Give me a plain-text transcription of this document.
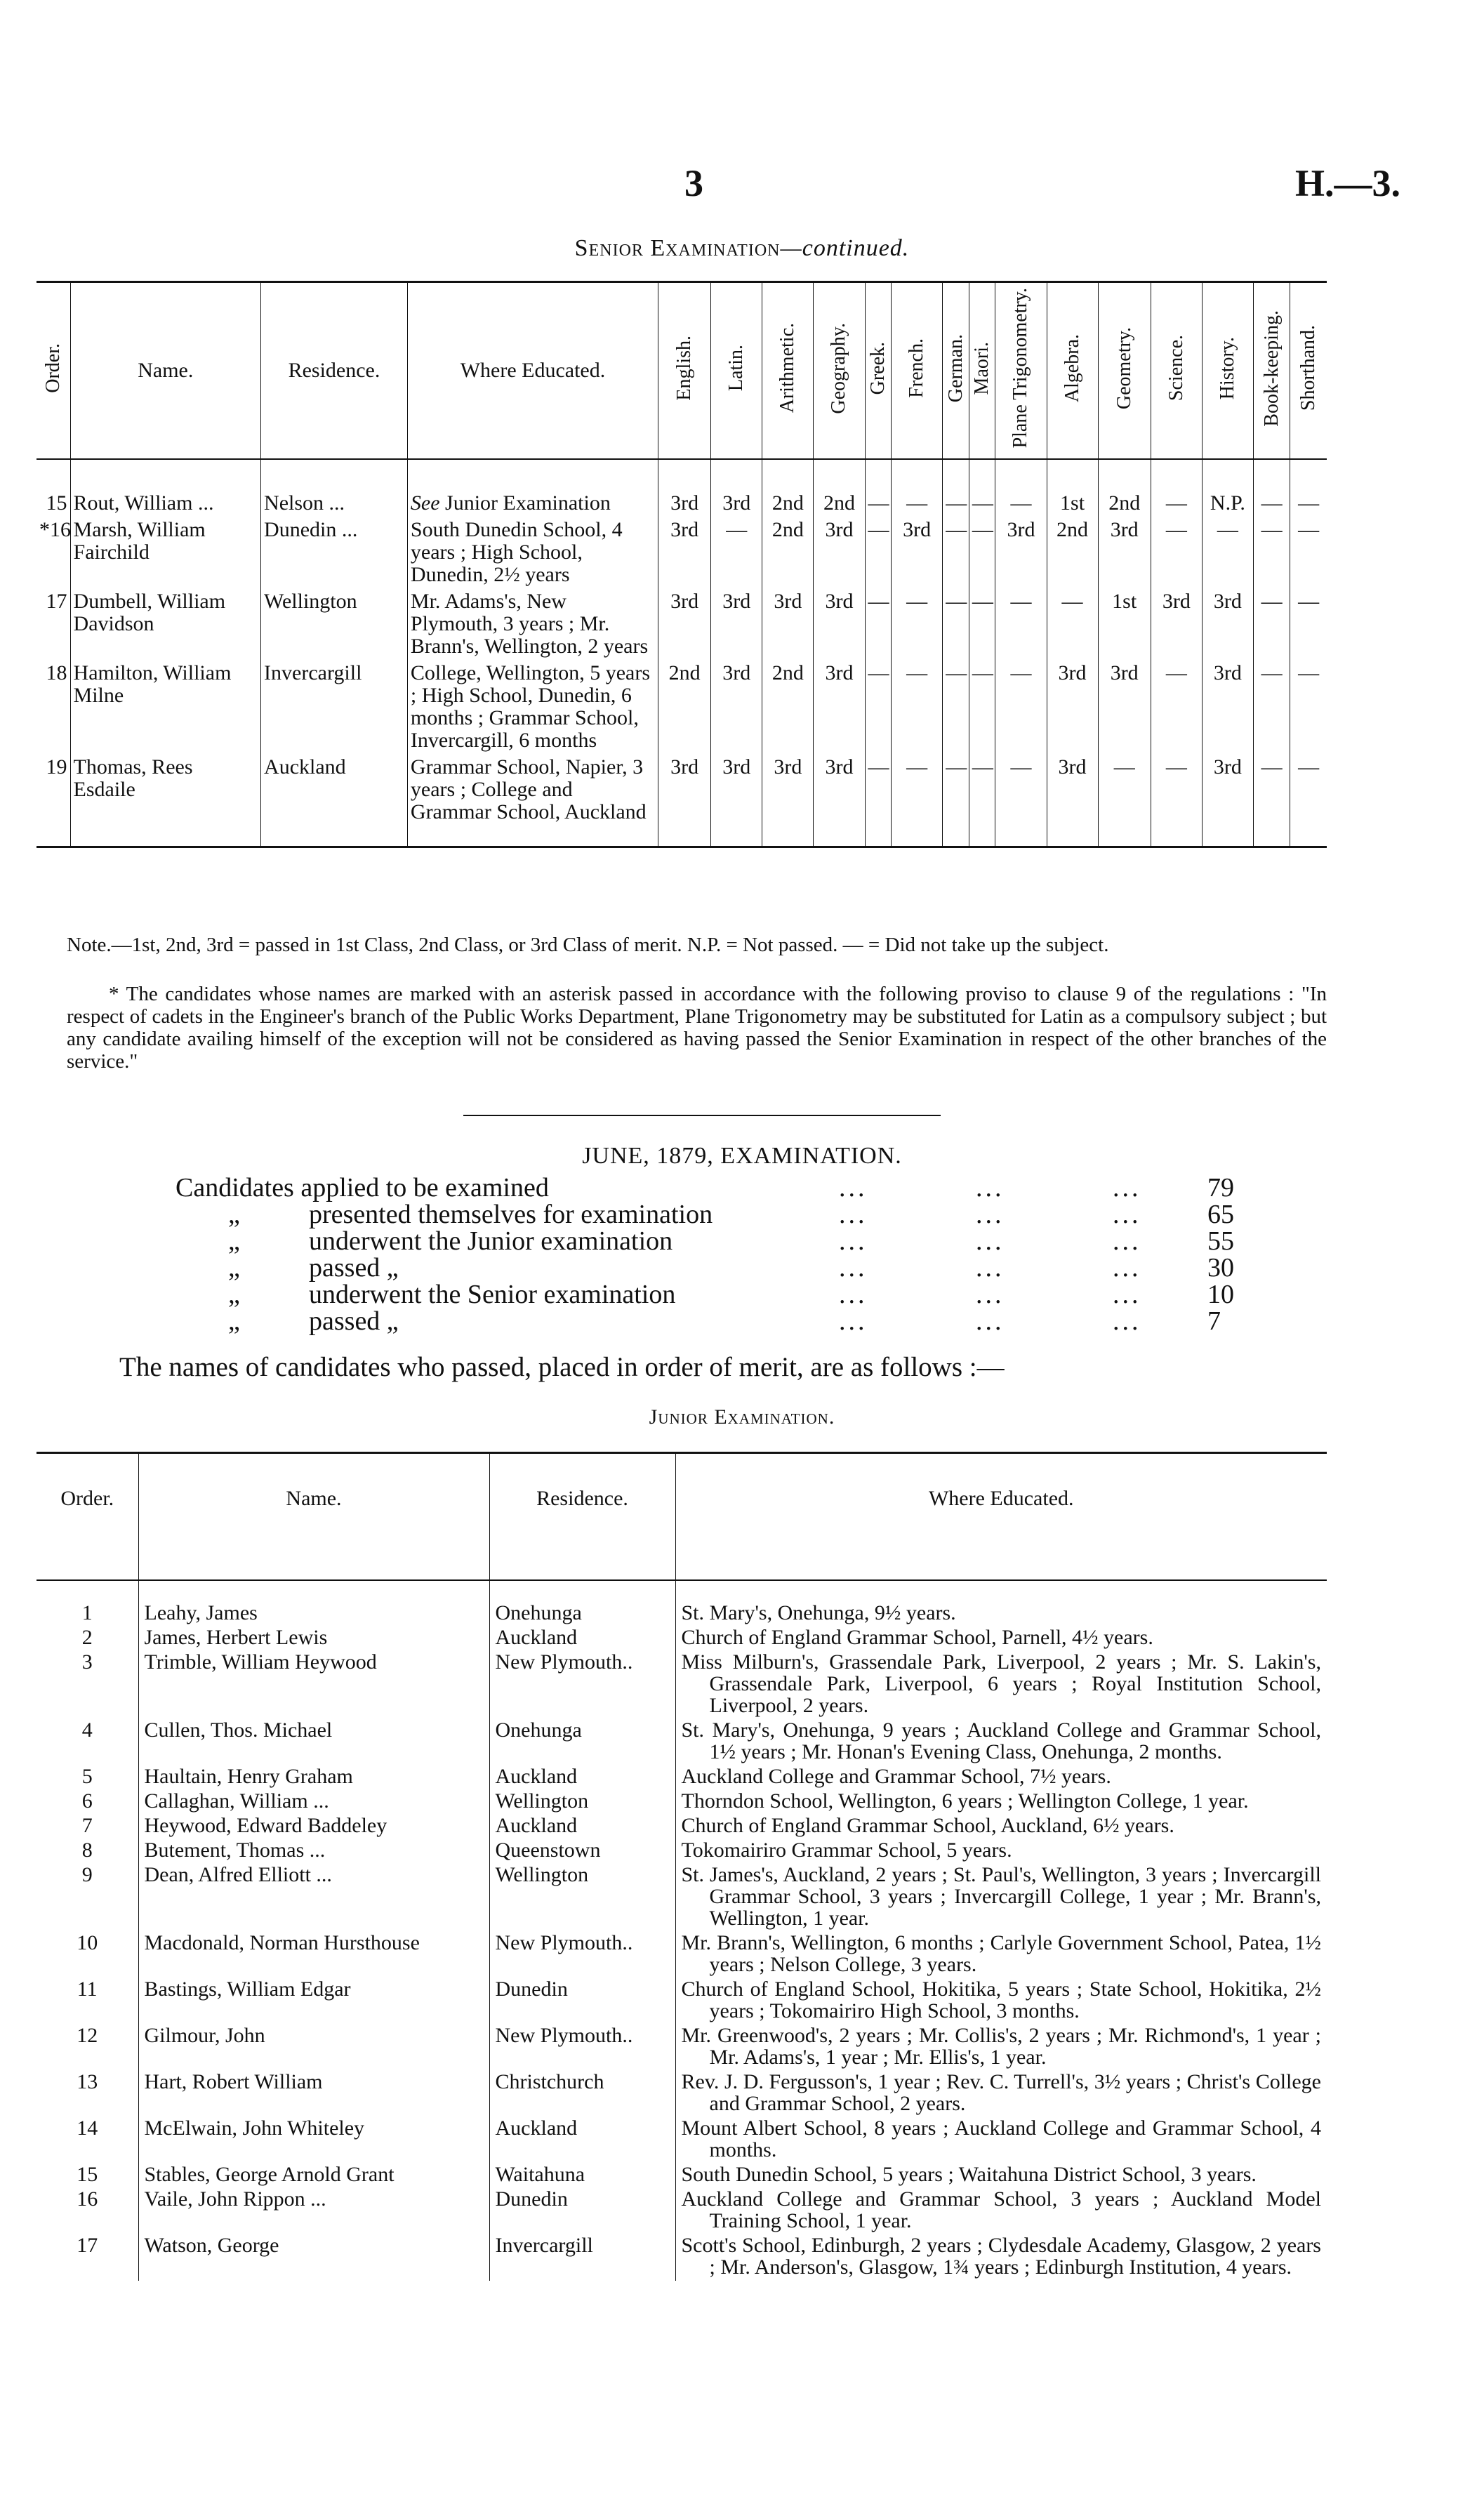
3	H.—3.
Senior Examination—continued.
Order.	Name.	Residence.	Where Educated.	English.	Latin.	Arithmetic.	Geography.	Greek.	French.	German.	Maori.	Plane Trigonometry.	Algebra.	Geometry.	Science.	History.	Book-keeping.	Shorthand.
15	Rout, William ...	Nelson ...	See Junior Examination	3rd	3rd	2nd	2nd	—	—	—	—	—	1st	2nd	—	N.P.	—	—
*16	Marsh, William Fairchild	Dunedin ...	South Dunedin School, 4 years ; High School, Dunedin, 2½ years	3rd	—	2nd	3rd	—	3rd	—	—	3rd	2nd	3rd	—	—	—	—
17	Dumbell, William Davidson	Wellington	Mr. Adams's, New Plymouth, 3 years ; Mr. Brann's, Wellington, 2 years	3rd	3rd	3rd	3rd	—	—	—	—	—	—	1st	3rd	3rd	—	—
18	Hamilton, William Milne	Invercargill	College, Wellington, 5 years ; High School, Dunedin, 6 months ; Grammar School, Invercargill, 6 months	2nd	3rd	2nd	3rd	—	—	—	—	—	3rd	3rd	—	3rd	—	—
19	Thomas, Rees Esdaile	Auckland	Grammar School, Napier, 3 years ; College and Grammar School, Auckland	3rd	3rd	3rd	3rd	—	—	—	—	—	3rd	—	—	3rd	—	—
Note.—1st, 2nd, 3rd = passed in 1st Class, 2nd Class, or 3rd Class of merit. N.P. = Not passed. — = Did not take up the subject.
* The candidates whose names are marked with an asterisk passed in accordance with the following proviso to clause 9 of the regulations : "In respect of cadets in the Engineer's branch of the Public Works Department, Plane Trigonometry may be substituted for Latin as a compulsory subject ; but any candidate availing himself of the exception will not be considered as having passed the Senior Examination in respect of the other branches of the service."
JUNE, 1879, EXAMINATION.
Candidates applied to be examined	...	...	... 79
„	presented themselves for examination	...	...	... 65
„	underwent the Junior examination	...	...	... 55
„	passed „	...	...	... 30
„	underwent the Senior examination	...	...	... 10
„	passed „	...	...	... 7
The names of candidates who passed, placed in order of merit, are as follows :—
Junior Examination.
Order.	Name.	Residence.	Where Educated.
1	Leahy, James	Onehunga	St. Mary's, Onehunga, 9½ years.
2	James, Herbert Lewis	Auckland	Church of England Grammar School, Parnell, 4½ years.
3	Trimble, William Heywood	New Plymouth..	Miss Milburn's, Grassendale Park, Liverpool, 2 years ; Mr. S. Lakin's, Grassendale Park, Liverpool, 6 years ; Royal Institution School, Liverpool, 2 years.
4	Cullen, Thos. Michael	Onehunga	St. Mary's, Onehunga, 9 years ; Auckland College and Grammar School, 1½ years ; Mr. Honan's Evening Class, Onehunga, 2 months.
5	Haultain, Henry Graham	Auckland	Auckland College and Grammar School, 7½ years.
6	Callaghan, William ...	Wellington	Thorndon School, Wellington, 6 years ; Wellington College, 1 year.
7	Heywood, Edward Baddeley	Auckland	Church of England Grammar School, Auckland, 6½ years.
8	Butement, Thomas ...	Queenstown	Tokomairiro Grammar School, 5 years.
9	Dean, Alfred Elliott ...	Wellington	St. James's, Auckland, 2 years ; St. Paul's, Wellington, 3 years ; Invercargill Grammar School, 3 years ; Invercargill College, 1 year ; Mr. Brann's, Wellington, 1 year.
10	Macdonald, Norman Hursthouse	New Plymouth..	Mr. Brann's, Wellington, 6 months ; Carlyle Government School, Patea, 1½ years ; Nelson College, 3 years.
11	Bastings, William Edgar	Dunedin	Church of England School, Hokitika, 5 years ; State School, Hokitika, 2½ years ; Tokomairiro High School, 3 months.
12	Gilmour, John	New Plymouth..	Mr. Greenwood's, 2 years ; Mr. Collis's, 2 years ; Mr. Richmond's, 1 year ; Mr. Adams's, 1 year ; Mr. Ellis's, 1 year.
13	Hart, Robert William	Christchurch	Rev. J. D. Fergusson's, 1 year ; Rev. C. Turrell's, 3½ years ; Christ's College and Grammar School, 2 years.
14	McElwain, John Whiteley	Auckland	Mount Albert School, 8 years ; Auckland College and Grammar School, 4 months.
15	Stables, George Arnold Grant	Waitahuna	South Dunedin School, 5 years ; Waitahuna District School, 3 years.
16	Vaile, John Rippon ...	Dunedin	Auckland College and Grammar School, 3 years ; Auckland Model Training School, 1 year.
17	Watson, George	Invercargill	Scott's School, Edinburgh, 2 years ; Clydesdale Academy, Glasgow, 2 years ; Mr. Anderson's, Glasgow, 1¾ years ; Edinburgh Institution, 4 years.
